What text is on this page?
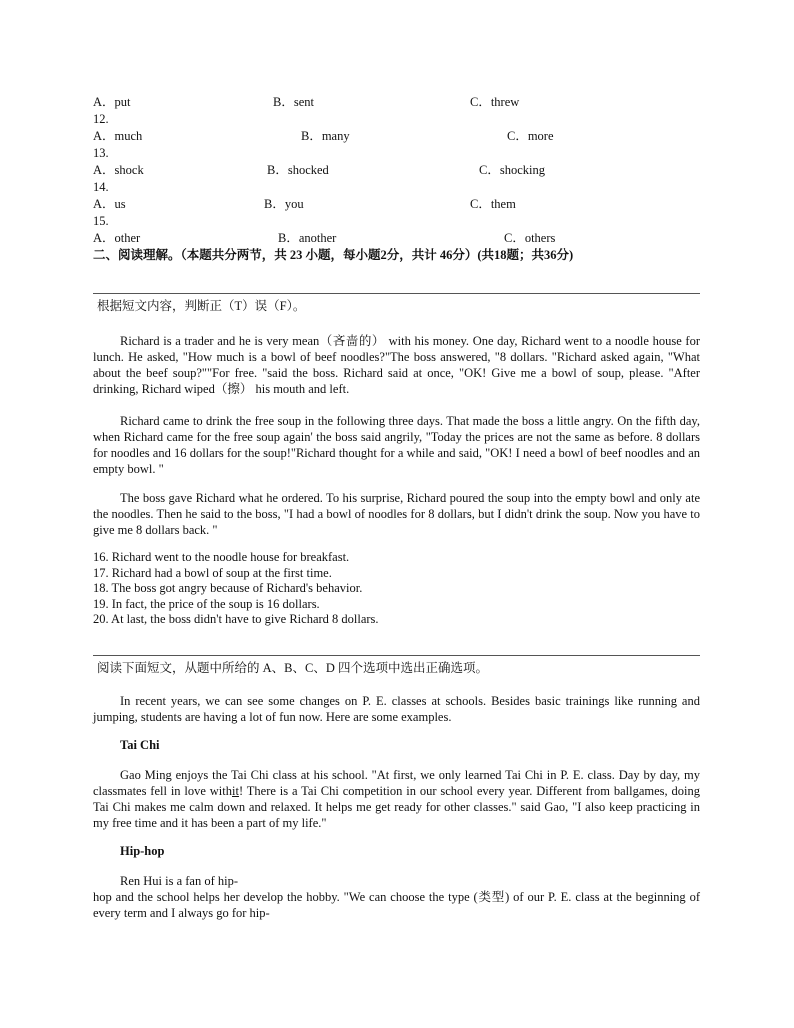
A．put	B．sent	C．threw
12.
A．much	B．many	C．more
13.
A．shock	B．shocked	C．shocking
14.
A．us	B．you	C．them
15.
A．other	B．another	C．others
二、阅读理解。（本题共分两节，共 23 小题，每小题2分，共计 46分）(共18题；共36分)
根据短文内容，判断正（T）误（F）。
Richard is a trader and he is very mean（吝啬的） with his money. One day, Richard went to a noodle house for lunch. He asked, "How much is a bowl of beef noodles?"The boss answered, "8 dollars. "Richard asked again, "What about the beef soup?""For free. "said the boss. Richard said at once, "OK! Give me a bowl of soup, please. "After drinking, Richard wiped（擦） his mouth and left.
Richard came to drink the free soup in the following three days. That made the boss a little angry. On the fifth day, when Richard came for the free soup again' the boss said angrily, "Today the prices are not the same as before. 8 dollars for noodles and 16 dollars for the soup!"Richard thought for a while and said, "OK! I need a bowl of beef noodles and an empty bowl. "
The boss gave Richard what he ordered. To his surprise, Richard poured the soup into the empty bowl and only ate the noodles. Then he said to the boss, "I had a bowl of noodles for 8 dollars, but I didn't drink the soup. Now you have to give me 8 dollars back. "
16. Richard went to the noodle house for breakfast.
17. Richard had a bowl of soup at the first time.
18. The boss got angry because of Richard's behavior.
19. In fact, the price of the soup is 16 dollars.
20. At last, the boss didn't have to give Richard 8 dollars.
阅读下面短文，从题中所给的 A、B、C、D 四个选项中选出正确选项。
In recent years, we can see some changes on P. E. classes at schools. Besides basic trainings like running and jumping, students are having a lot of fun now. Here are some examples.
Tai Chi
Gao Ming enjoys the Tai Chi class at his school. "At first, we only learned Tai Chi in P. E. class. Day by day, my classmates fell in love withit! There is a Tai Chi competition in our school every year. Different from ballgames, doing Tai Chi makes me calm down and relaxed. It helps me get ready for other classes." said Gao, "I also keep practicing in my free time and it has been a part of my life."
Hip-hop
Ren Hui is a fan of hip-
hop and the school helps her develop the hobby. "We can choose the type (类型) of our P. E. class at the beginning of every term and I always go for hip-
